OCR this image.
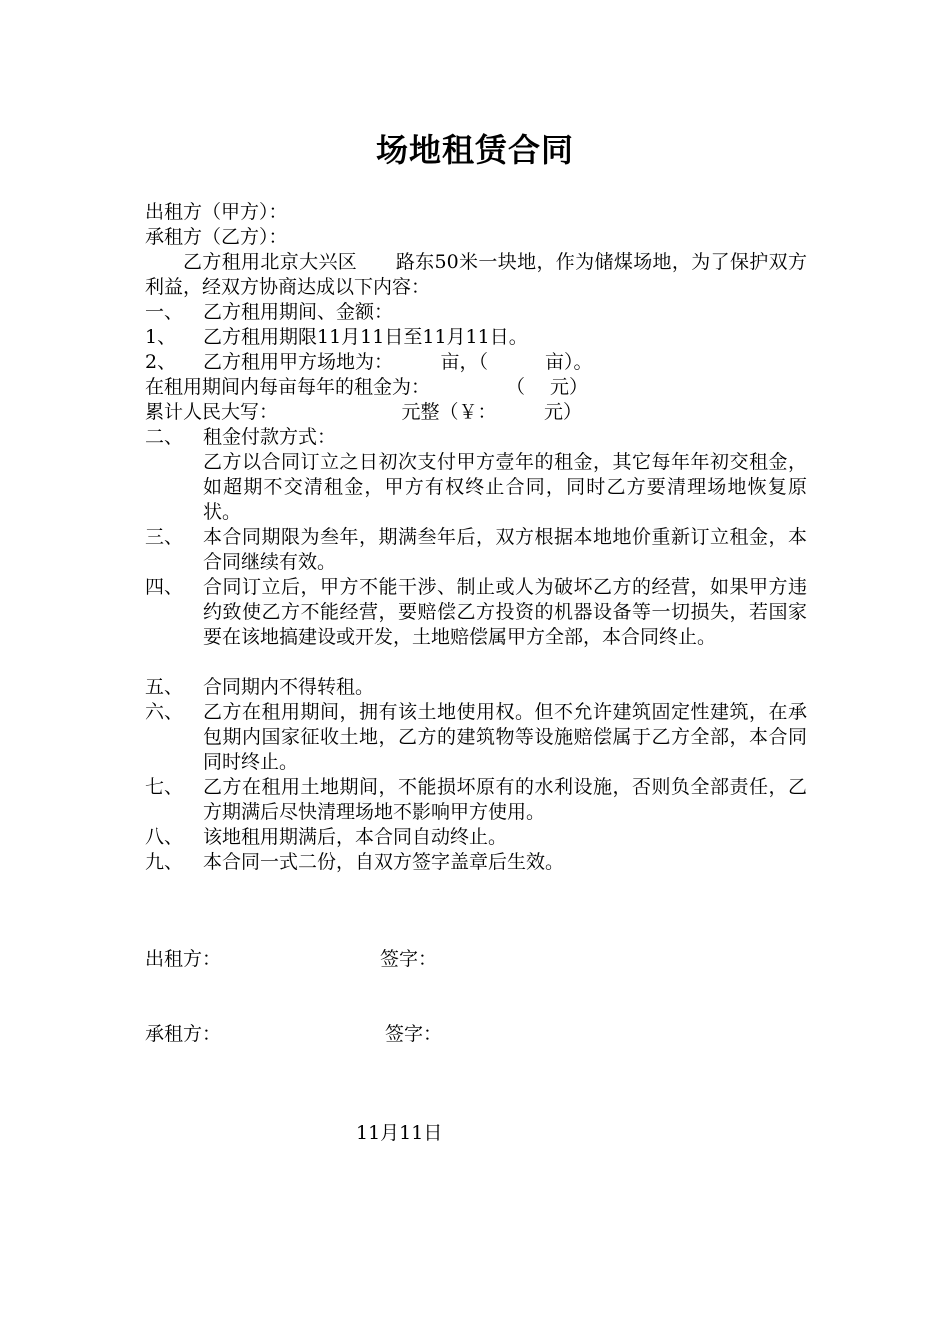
场地租赁合同
出租方（甲方）：
承租方（乙方）：
乙方租用北京大兴区　　路东50米一块地，作为储煤场地，为了保护双方利益，经双方协商达成以下内容：
一、 乙方租用期间、金额：
1、 乙方租用期限11月11日至11月11日。
2、 乙方租用甲方场地为：　　　亩，（　　　亩）。
在租用期间内每亩每年的租金为：　　　　　（　 元）
累计人民大写：　　　　　　　元整（￥：　　　元）
二、 租金付款方式：
乙方以合同订立之日初次支付甲方壹年的租金，其它每年年初交租金，如超期不交清租金，甲方有权终止合同，同时乙方要清理场地恢复原状。
三、 本合同期限为叁年，期满叁年后，双方根据本地地价重新订立租金，本合同继续有效。
四、 合同订立后，甲方不能干涉、制止或人为破坏乙方的经营，如果甲方违约致使乙方不能经营，要赔偿乙方投资的机器设备等一切损失，若国家要在该地搞建设或开发，土地赔偿属甲方全部，本合同终止。
五、 合同期内不得转租。
六、 乙方在租用期间，拥有该土地使用权。但不允许建筑固定性建筑，在承包期内国家征收土地，乙方的建筑物等设施赔偿属于乙方全部，本合同同时终止。
七、 乙方在租用土地期间，不能损坏原有的水利设施，否则负全部责任，乙方期满后尽快清理场地不影响甲方使用。
八、 该地租用期满后，本合同自动终止。
九、 本合同一式二份，自双方签字盖章后生效。
出租方：	签字：
承租方：	签字：
11月11日
